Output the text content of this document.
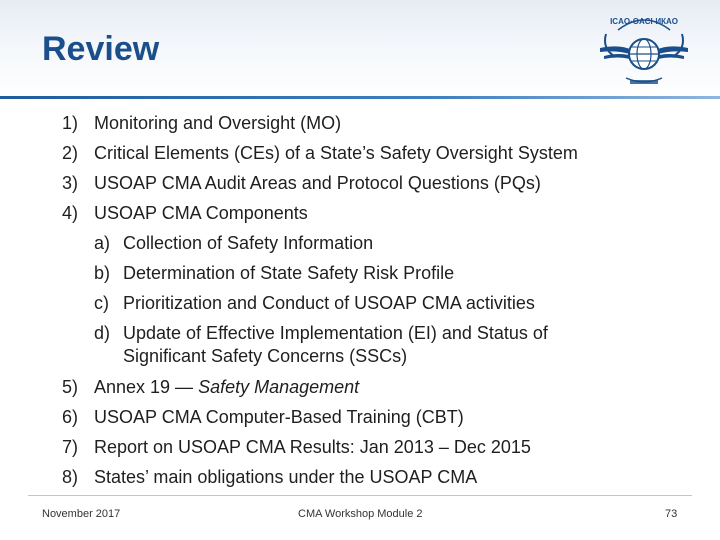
Review
ICAO·OACI·ИКАО
1) Monitoring and Oversight (MO)
2) Critical Elements (CEs) of a State’s Safety Oversight System
3) USOAP CMA Audit Areas and Protocol Questions (PQs)
4) USOAP CMA Components
a) Collection of Safety Information
b) Determination of State Safety Risk Profile
c) Prioritization and Conduct of USOAP CMA activities
d) Update of Effective Implementation (EI) and Status of
Significant Safety Concerns (SSCs)
5) Annex 19 — Safety Management
6) USOAP CMA Computer-Based Training (CBT)
7) Report on USOAP CMA Results: Jan 2013 – Dec 2015
8) States’ main obligations under the USOAP CMA
November 2017	CMA Workshop Module 2	73
